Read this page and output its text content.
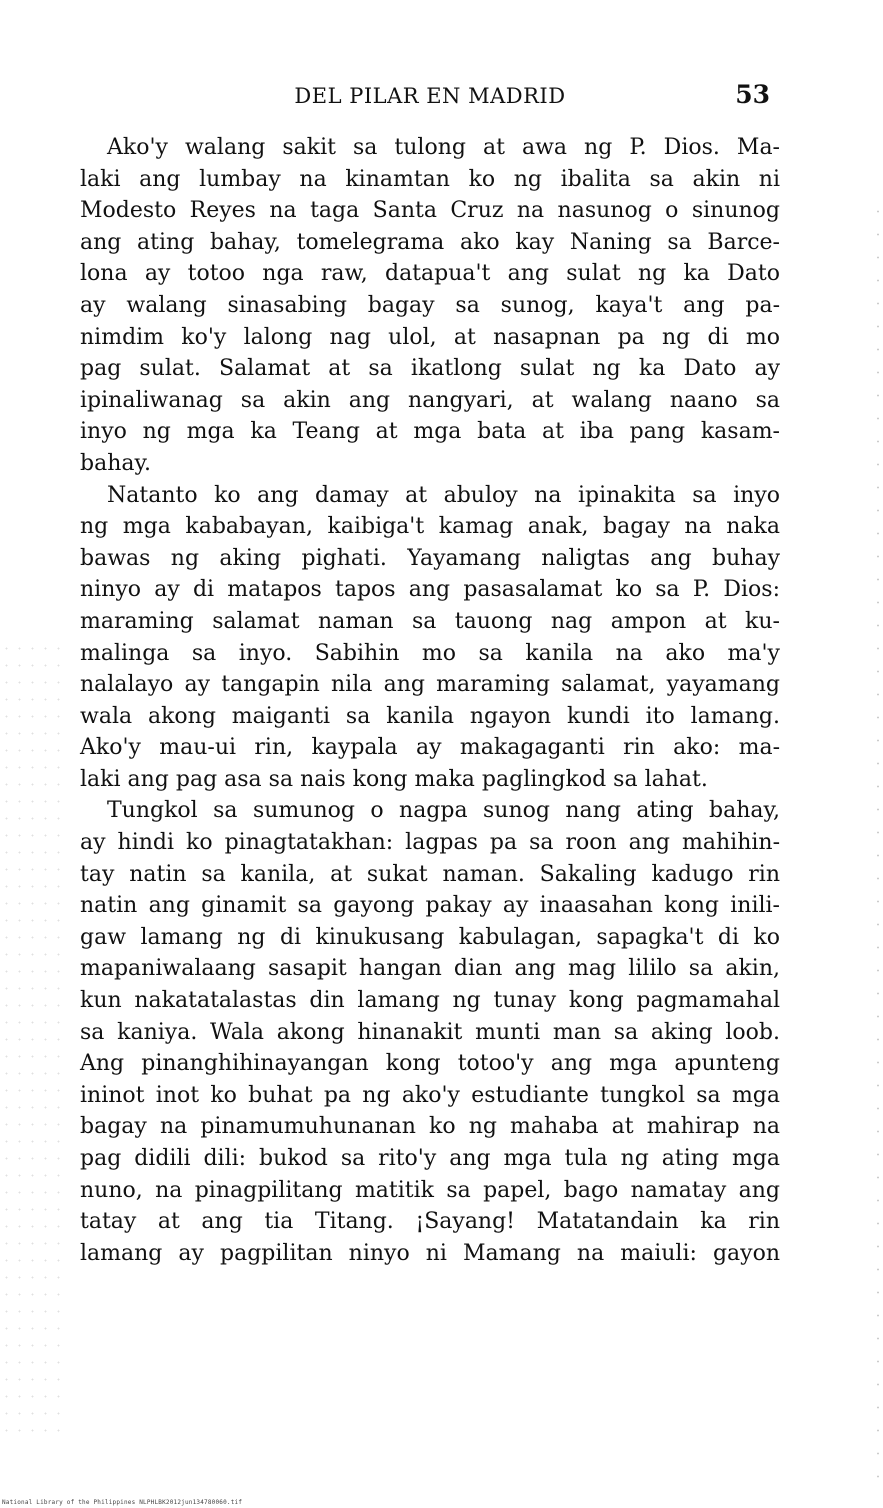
DEL PILAR EN MADRID	53
Ako'y walang sakit sa tulong at awa ng P. Dios. Ma-
laki ang lumbay na kinamtan ko ng ibalita sa akin ni
Modesto Reyes na taga Santa Cruz na nasunog o sinunog
ang ating bahay, tomelegrama ako kay Naning sa Barce-
lona ay totoo nga raw, datapua't ang sulat ng ka Dato
ay walang sinasabing bagay sa sunog, kaya't ang pa-
nimdim ko'y lalong nag ulol, at nasapnan pa ng di mo
pag sulat. Salamat at sa ikatlong sulat ng ka Dato ay
ipinaliwanag sa akin ang nangyari, at walang naano sa
inyo ng mga ka Teang at mga bata at iba pang kasam-
bahay.
Natanto ko ang damay at abuloy na ipinakita sa inyo
ng mga kababayan, kaibiga't kamag anak, bagay na naka
bawas ng aking pighati. Yayamang naligtas ang buhay
ninyo ay di matapos tapos ang pasasalamat ko sa P. Dios:
maraming salamat naman sa tauong nag ampon at ku-
malinga sa inyo. Sabihin mo sa kanila na ako ma'y
nalalayo ay tangapin nila ang maraming salamat, yayamang
wala akong maiganti sa kanila ngayon kundi ito lamang.
Ako'y mau-ui rin, kaypala ay makagaganti rin ako: ma-
laki ang pag asa sa nais kong maka paglingkod sa lahat.
Tungkol sa sumunog o nagpa sunog nang ating bahay,
ay hindi ko pinagtatakhan: lagpas pa sa roon ang mahihin-
tay natin sa kanila, at sukat naman. Sakaling kadugo rin
natin ang ginamit sa gayong pakay ay inaasahan kong inili-
gaw lamang ng di kinukusang kabulagan, sapagka't di ko
mapaniwalaang sasapit hangan dian ang mag lililo sa akin,
kun nakatatalastas din lamang ng tunay kong pagmamahal
sa kaniya. Wala akong hinanakit munti man sa aking loob.
Ang pinanghihinayangan kong totoo'y ang mga apunteng
ininot inot ko buhat pa ng ako'y estudiante tungkol sa mga
bagay na pinamumuhunanan ko ng mahaba at mahirap na
pag didili dili: bukod sa rito'y ang mga tula ng ating mga
nuno, na pinagpilitang matitik sa papel, bago namatay ang
tatay at ang tia Titang. ¡Sayang! Matatandain ka rin
lamang ay pagpilitan ninyo ni Mamang na maiuli: gayon
National Library of the Philippines NLPHLBK2012jun134780060.tif
